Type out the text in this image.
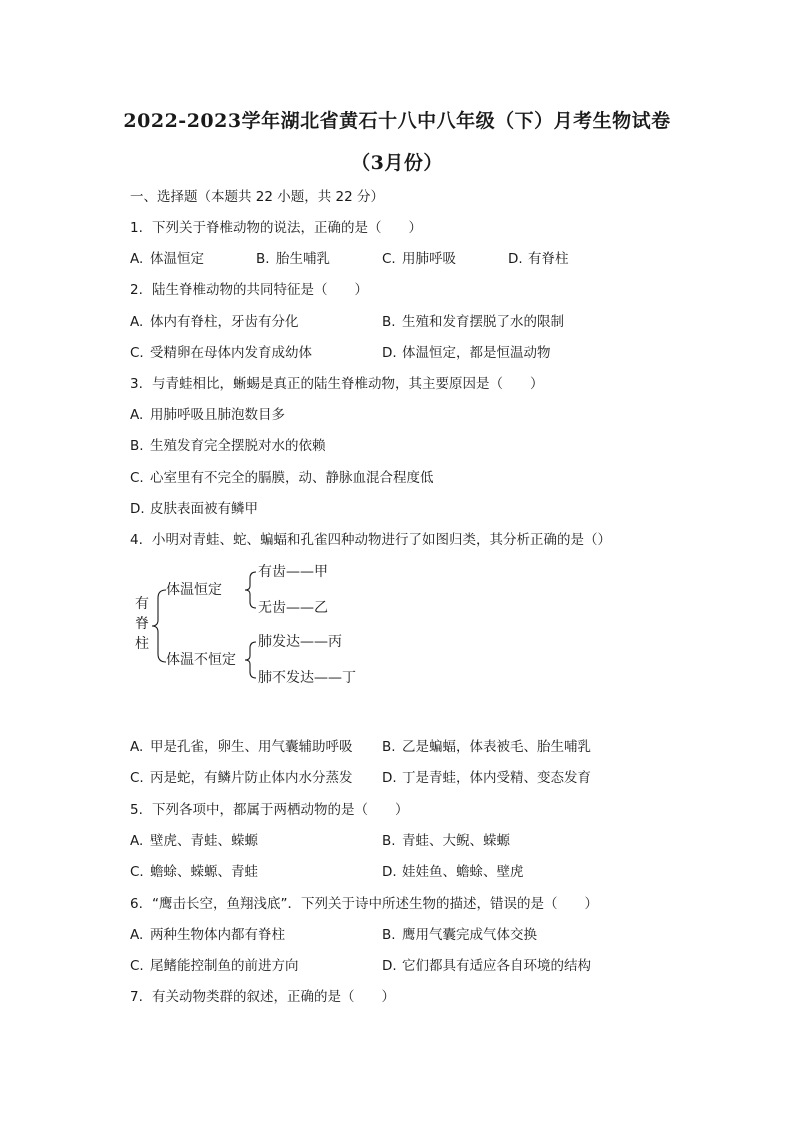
2022-2023学年湖北省黄石十八中八年级（下）月考生物试卷
（3月份）
一、选择题（本题共 22 小题，共 22 分）
1. 下列关于脊椎动物的说法，正确的是（　　）
A. 体温恒定	B. 胎生哺乳	C. 用肺呼吸	D. 有脊柱
2. 陆生脊椎动物的共同特征是（　　）
A. 体内有脊柱，牙齿有分化	B. 生殖和发育摆脱了水的限制
C. 受精卵在母体内发育成幼体	D. 体温恒定，都是恒温动物
3. 与青蛙相比，蜥蜴是真正的陆生脊椎动物，其主要原因是（　　）
A. 用肺呼吸且肺泡数目多
B. 生殖发育完全摆脱对水的依赖
C. 心室里有不完全的膈膜，动、静脉血混合程度低
D. 皮肤表面被有鳞甲
4. 小明对青蛙、蛇、蝙蝠和孔雀四种动物进行了如图归类，其分析正确的是（）
有脊柱
体温恒定
体温不恒定
有齿——甲
无齿——乙
肺发达——丙
肺不发达——丁
A. 甲是孔雀，卵生、用气囊辅助呼吸 B. 乙是蝙蝠，体表被毛、胎生哺乳
C. 丙是蛇，有鳞片防止体内水分蒸发 D. 丁是青蛙，体内受精、变态发育
5. 下列各项中，都属于两栖动物的是（　　）
A. 壁虎、青蛙、蝾螈	B. 青蛙、大鲵、蝾螈
C. 蟾蜍、蝾螈、青蛙	D. 娃娃鱼、蟾蜍、壁虎
6. “鹰击长空，鱼翔浅底”．下列关于诗中所述生物的描述，错误的是（　　）
A. 两种生物体内都有脊柱	B. 鹰用气囊完成气体交换
C. 尾鳍能控制鱼的前进方向	D. 它们都具有适应各自环境的结构
7. 有关动物类群的叙述，正确的是（　　）
